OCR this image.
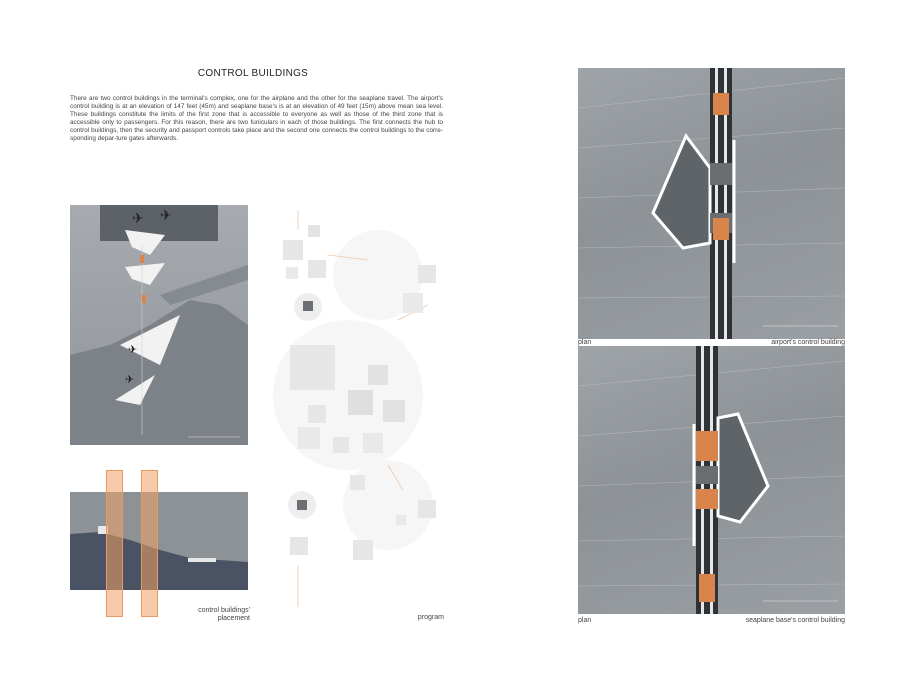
CONTROL BUILDINGS
There are two control buildings in the terminal's complex, one for the airplane and the other for the seaplane travel. The airport's control building is at an elevation of 147 feet (45m) and seaplane base's is at an elevation of 49 feet (15m) above mean sea level. These buildings constitute the limits of the first zone that is accessible to everyone as well as those of the third zone that is accessible only to passengers. For this reason, there are two funiculars in each of those buildings. The first connects the hub to control buildings, then the security and passport controls take place and the second one connects the control buildings to the corre-sponding depar-ture gates afterwards.
✈ ✈
✈
✈
control buildings'
placement	program
plan	airport's control building
plan	seaplane base's control building
